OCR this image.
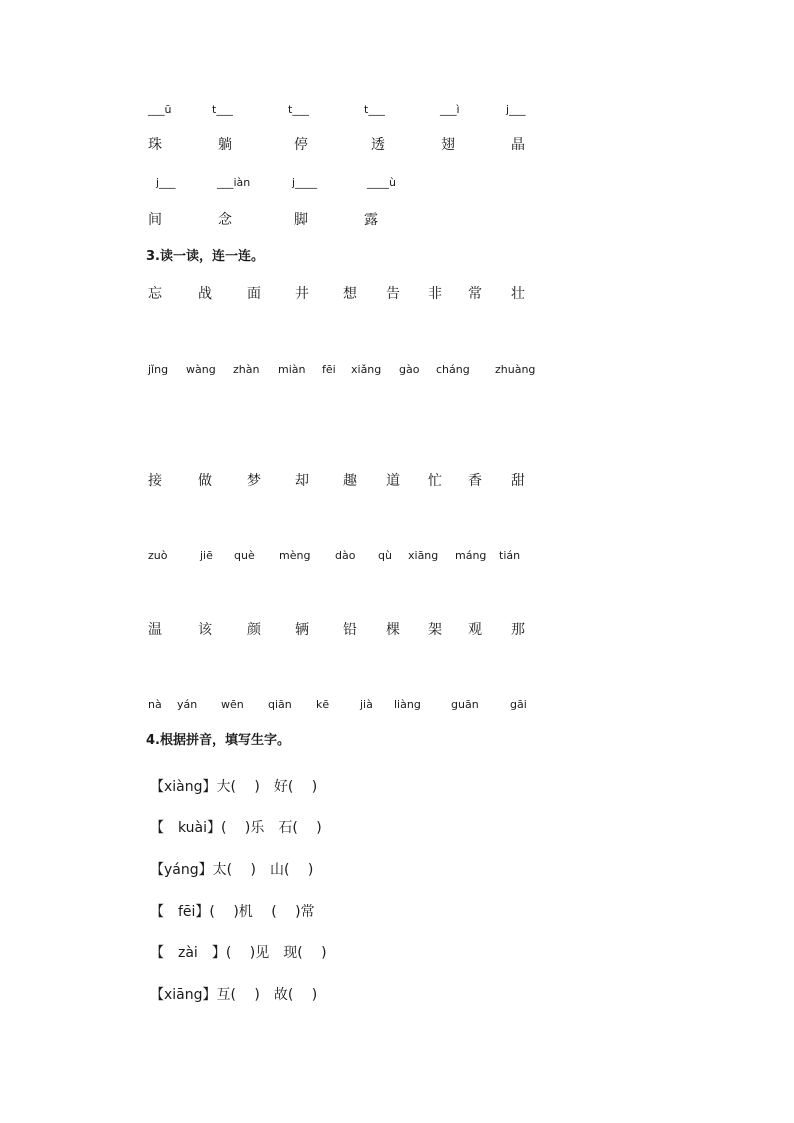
___ū	t___	t___	t___	___ì	j___
珠	躺	停	透	翅	晶
j___	___iàn	j____	____ù
间	念	脚	露
3.读一读，连一连。
忘	战	面 井 想 告 非 常 壮
jǐng wàng zhàn miàn fēi xiǎng gào cháng zhuàng
接	做	梦 却 趣 道 忙 香 甜
zuò	jiē què mèng dào qù xiāng máng tián
温	该	颜 辆 铅 棵 架 观 那
nà yán wēn qiān kē	jià liàng	guān	gāi
4.根据拼音，填写生字。
【xiàng】大(　 )　好(　 )
【　kuài】(　 )乐　石(　 )
【yáng】太(　 )　山(　 )
【　fēi】(　 )机　 (　 )常
【　zài　】(　 )见　现(　 )
【xiāng】互(　 )　故(　 )
